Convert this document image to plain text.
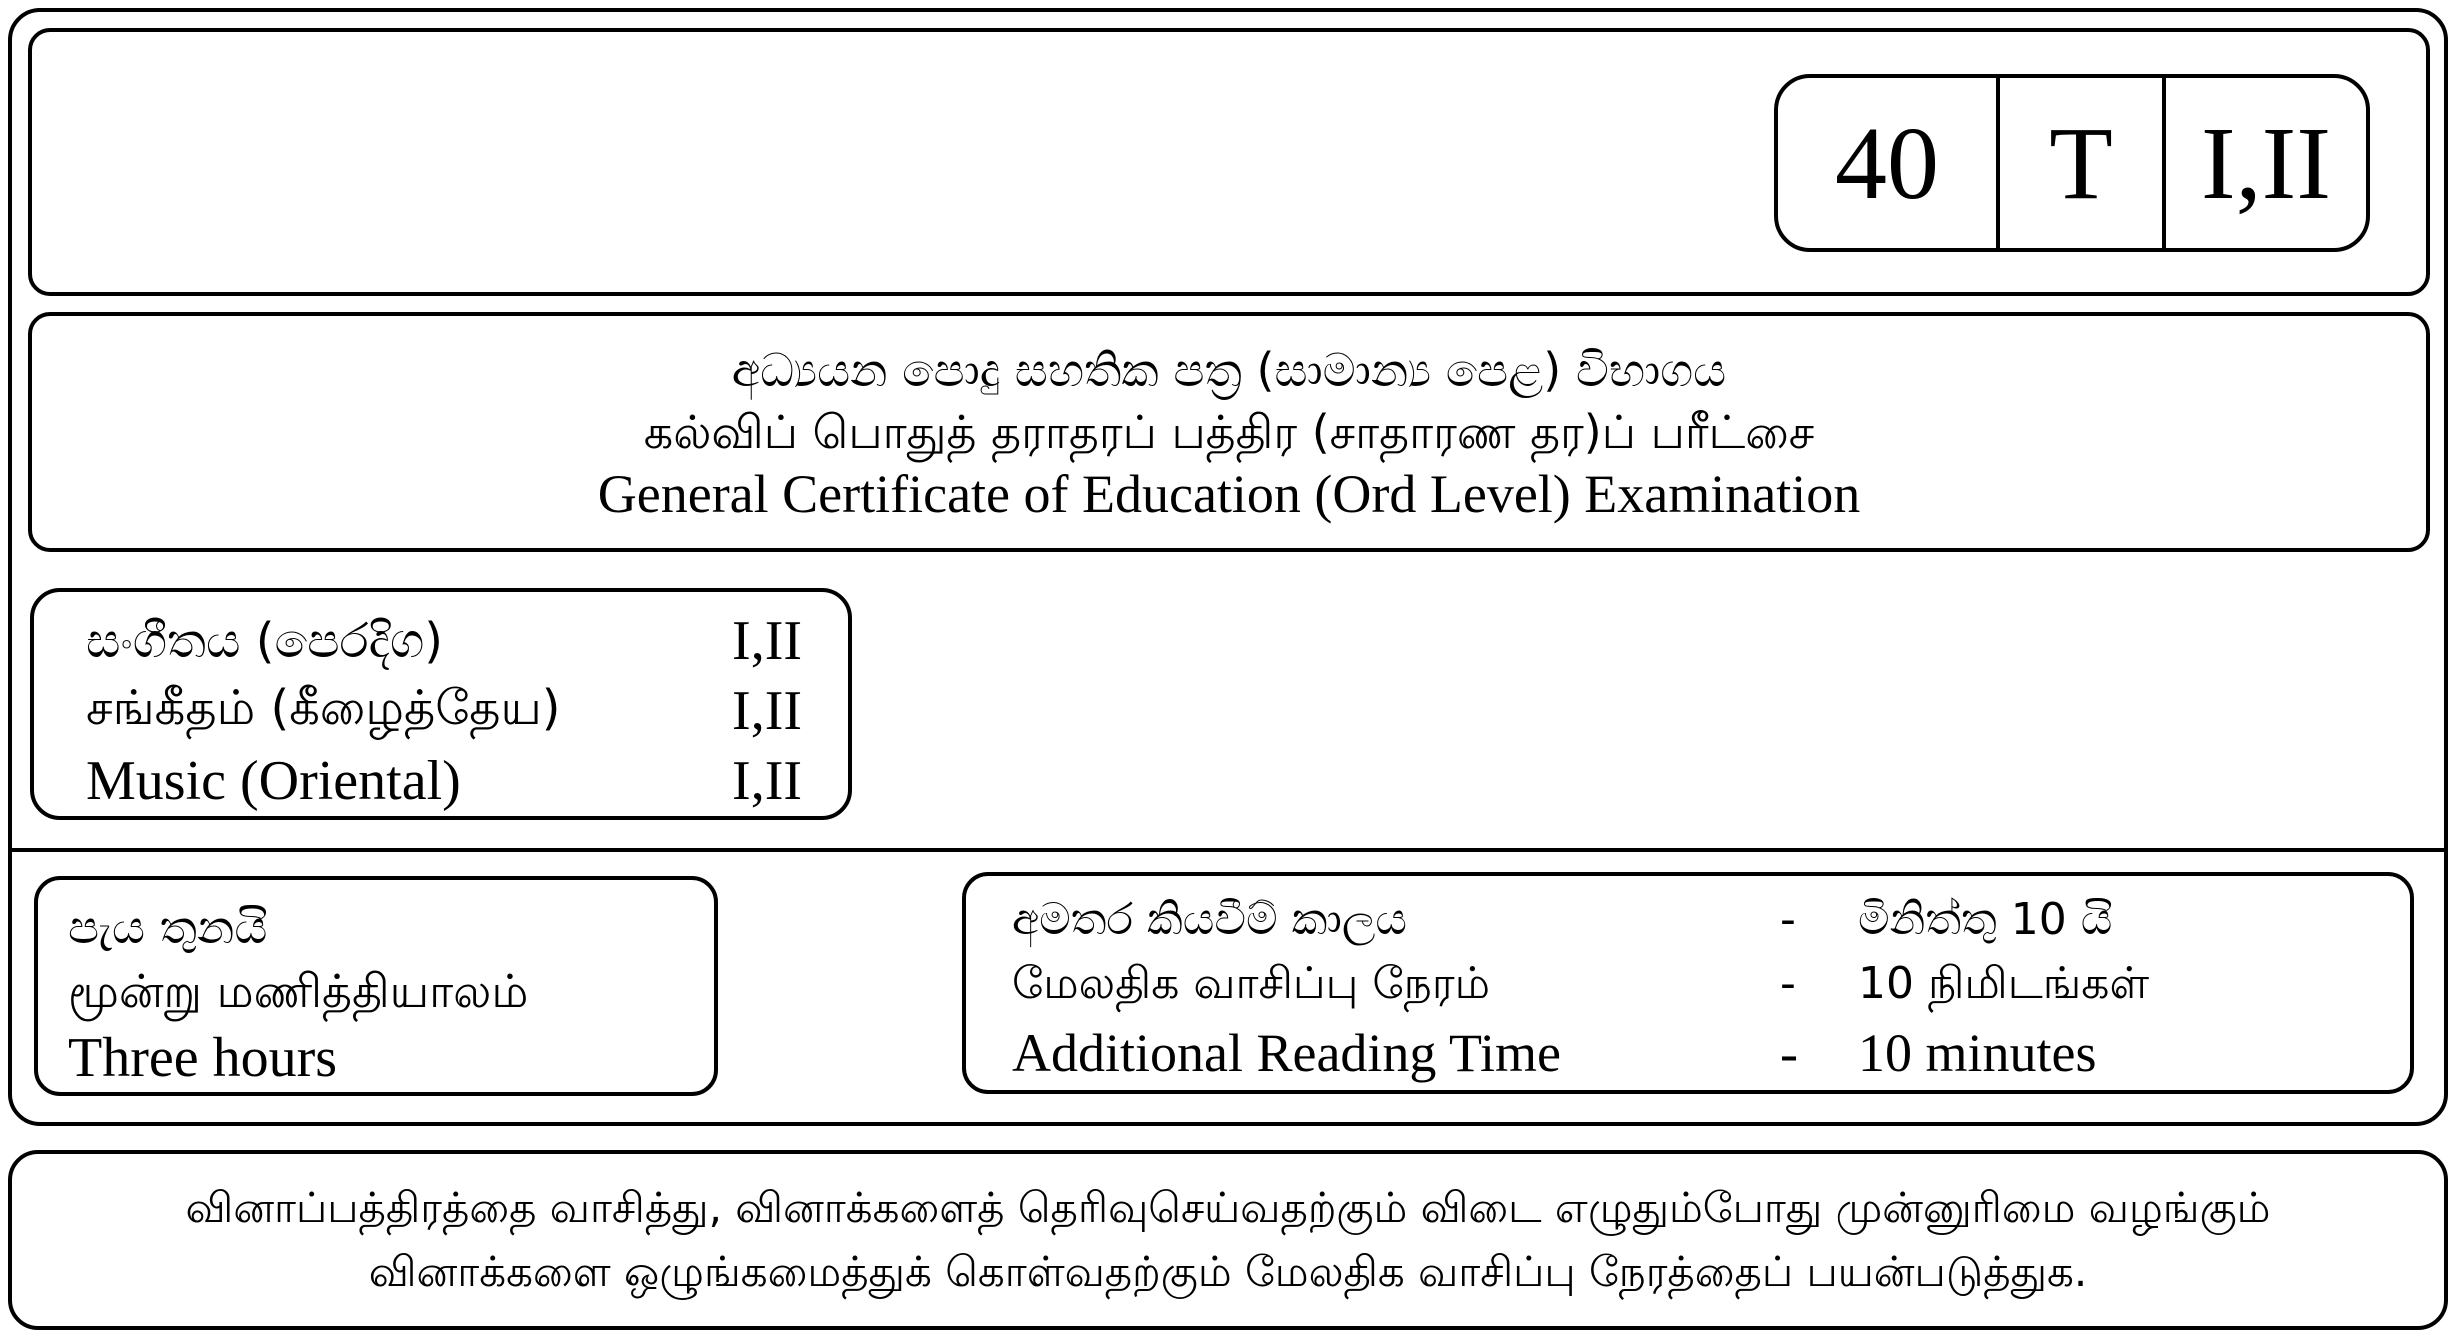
40	T I,II
අධ්‍යයන පොදු සහතික පත්‍ර (සාමාන්‍ය පෙළ) විභාගය
கல்விப் பொதுத் தராதரப் பத்திர (சாதாரண தர)ப் பரீட்சை
General Certificate of Education (Ord Level) Examination
සංගීතය (පෙරදිග)	I,II
சங்கீதம் (கீழைத்தேய)	I,II
Music (Oriental)	I,II
පැය තුනයි
மூன்று மணித்தியாலம்
Three hours
අමතර කියවීම් කාලය	- මිනිත්තු 10 යි
மேலதிக வாசிப்பு நேரம்	- 10 நிமிடங்கள்
Additional Reading Time	- 10 minutes
வினாப்பத்திரத்தை வாசித்து, வினாக்களைத் தெரிவுசெய்வதற்கும் விடை எழுதும்போது முன்னுரிமை வழங்கும்
வினாக்களை ஒழுங்கமைத்துக் கொள்வதற்கும் மேலதிக வாசிப்பு நேரத்தைப் பயன்படுத்துக.
